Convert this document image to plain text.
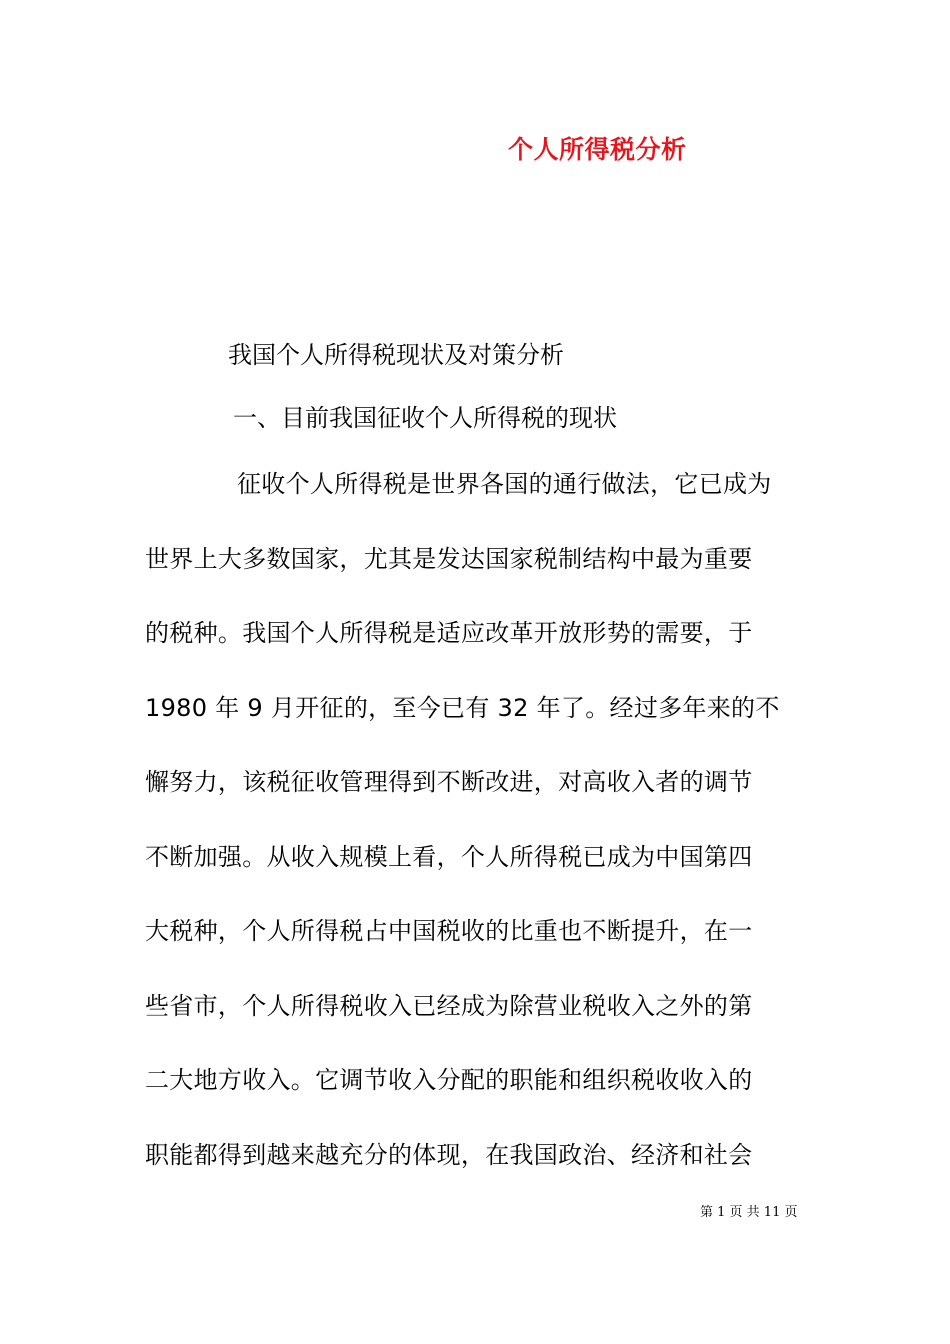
个人所得税分析
我国个人所得税现状及对策分析
一、目前我国征收个人所得税的现状
征收个人所得税是世界各国的通行做法，它已成为
世界上大多数国家，尤其是发达国家税制结构中最为重要
的税种。我国个人所得税是适应改革开放形势的需要，于
1980 年 9 月开征的，至今已有 32 年了。经过多年来的不
懈努力，该税征收管理得到不断改进，对高收入者的调节
不断加强。从收入规模上看，个人所得税已成为中国第四
大税种，个人所得税占中国税收的比重也不断提升，在一
些省市，个人所得税收入已经成为除营业税收入之外的第
二大地方收入。它调节收入分配的职能和组织税收收入的
职能都得到越来越充分的体现，在我国政治、经济和社会
第 1 页 共 11 页
